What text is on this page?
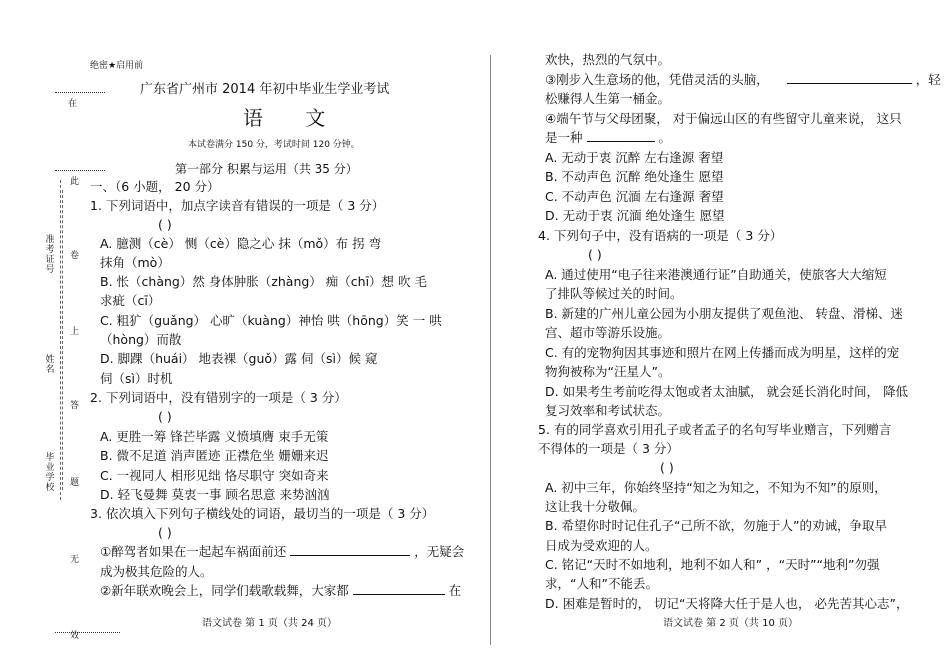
在
此
卷
上
答
题
无
效
准考证号
姓名
毕业学校
绝密★启用前
广东省广州市 2014 年初中毕业生学业考试
语 文
本试卷满分 150 分，考试时间 120 分钟。
第一部分 积累与运用（共 35 分）
一、（6 小题， 20 分）
1. 下列词语中，加点字读音有错误的一项是（ 3 分）
( )
A. 臆测（cè） 恻（cè）隐之心 抹（mǒ）布 拐 弯
抹角（mò）
B. 怅（chàng）然 身体肿胀（zhàng） 痴（chī）想 吹 毛
求疵（cī）
C. 粗犷（guǎng） 心旷（kuàng）神怡 哄（hōng）笑 一 哄
（hòng）而散
D. 脚踝（huái） 地表裸（guǒ）露 伺（sì）候 窥
伺（sì）时机
2. 下列词语中，没有错别字的一项是（ 3 分）
( )
A. 更胜一筹 锋芒毕露 义愤填膺 束手无策
B. 微不足道 消声匿迹 正襟危坐 姗姗来迟
C. 一视同人 相形见绌 恪尽职守 突如奇来
D. 轻飞曼舞 莫衷一事 顾名思意 来势汹汹
3. 依次填入下列句子横线处的词语，最切当的一项是（ 3 分）
( )
①醉驾者如果在一起起车祸面前还	，无疑会
成为极其危险的人。
②新年联欢晚会上，同学们载歌载舞，大家都	在
语文试卷 第 1 页（共 24 页）
欢快，热烈的气氛中。
③刚步入生意场的他，凭借灵活的头脑，	，轻
松赚得人生第一桶金。
④端午节与父母团聚， 对于偏远山区的有些留守儿童来说， 这只
是一种	。
A. 无动于衷 沉醉 左右逢源 奢望
B. 不动声色 沉醉 绝处逢生 愿望
C. 不动声色 沉湎 左右逢源 奢望
D. 无动于衷 沉湎 绝处逢生 愿望
4. 下列句子中，没有语病的一项是（ 3 分）
( )
A. 通过使用“电子往来港澳通行证”自助通关，使旅客大大缩短
了排队等候过关的时间。
B. 新建的广州儿童公园为小朋友提供了观鱼池、 转盘、滑梯、迷
宫、超市等游乐设施。
C. 有的宠物狗因其事迹和照片在网上传播而成为明星，这样的宠
物狗被称为“汪星人”。
D. 如果考生考前吃得太饱或者太油腻， 就会延长消化时间， 降低
复习效率和考试状态。
5. 有的同学喜欢引用孔子或者孟子的名句写毕业赠言，下列赠言
不得体的一项是（ 3 分）
( )
A. 初中三年，你始终坚持“知之为知之，不知为不知”的原则，
这让我十分敬佩。
B. 希望你时时记住孔子“己所不欲，勿施于人”的劝诫，争取早
日成为受欢迎的人。
C. 铭记“天时不如地利，地利不如人和” ，“天时”“地利”勿强
求，“人和”不能丢。
D. 困难是暂时的， 切记“天将降大任于是人也， 必先苦其心志”，
语文试卷 第 2 页（共 10 页）
